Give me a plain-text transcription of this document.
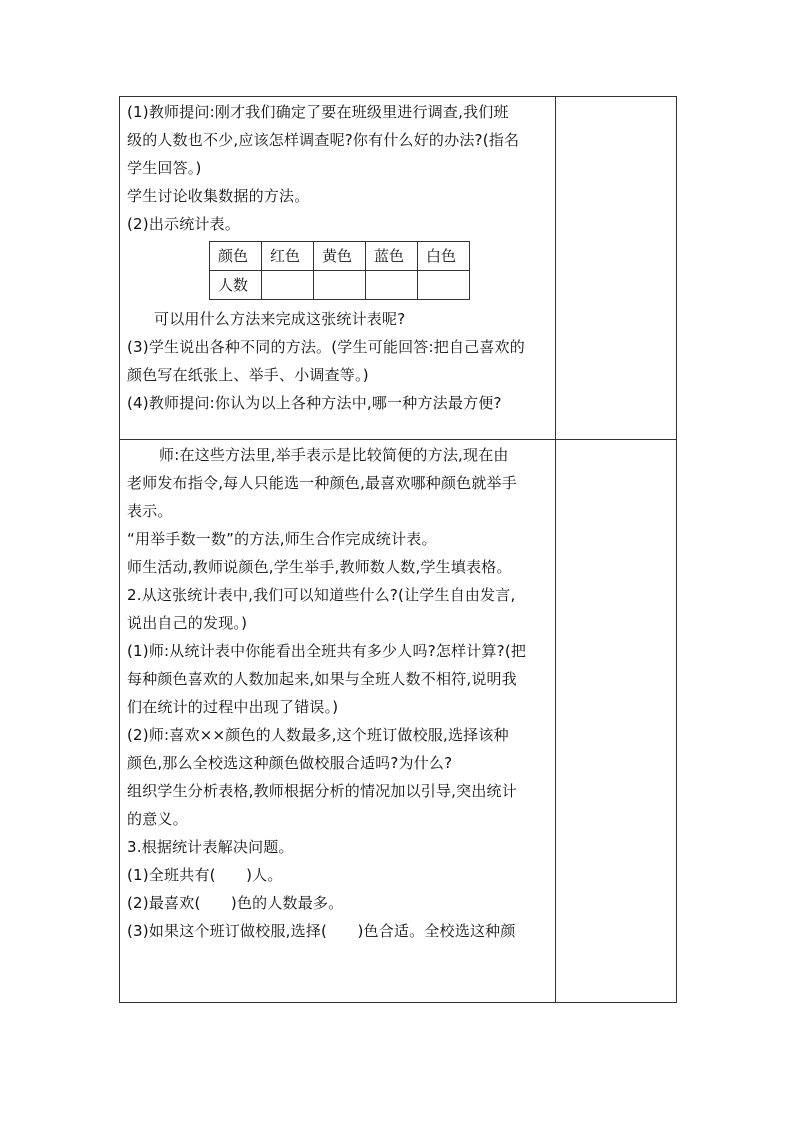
(1)教师提问:刚才我们确定了要在班级里进行调查,我们班
级的人数也不少,应该怎样调查呢?你有什么好的办法?(指名
学生回答。)
学生讨论收集数据的方法。
(2)出示统计表。
颜色	红色	黄色	蓝色	白色
人数				
可以用什么方法来完成这张统计表呢?
(3)学生说出各种不同的方法。(学生可能回答:把自己喜欢的
颜色写在纸张上、举手、小调查等。)
(4)教师提问:你认为以上各种方法中,哪一种方法最方便?

师:在这些方法里,举手表示是比较简便的方法,现在由
老师发布指令,每人只能选一种颜色,最喜欢哪种颜色就举手
表示。
“用举手数一数”的方法,师生合作完成统计表。
师生活动,教师说颜色,学生举手,教师数人数,学生填表格。
2.从这张统计表中,我们可以知道些什么?(让学生自由发言,
说出自己的发现。)
(1)师:从统计表中你能看出全班共有多少人吗?怎样计算?(把
每种颜色喜欢的人数加起来,如果与全班人数不相符,说明我
们在统计的过程中出现了错误。)
(2)师:喜欢××颜色的人数最多,这个班订做校服,选择该种
颜色,那么全校选这种颜色做校服合适吗?为什么?
组织学生分析表格,教师根据分析的情况加以引导,突出统计
的意义。
3.根据统计表解决问题。
(1)全班共有(　　)人。
(2)最喜欢(　　)色的人数最多。
(3)如果这个班订做校服,选择(　　)色合适。全校选这种颜
